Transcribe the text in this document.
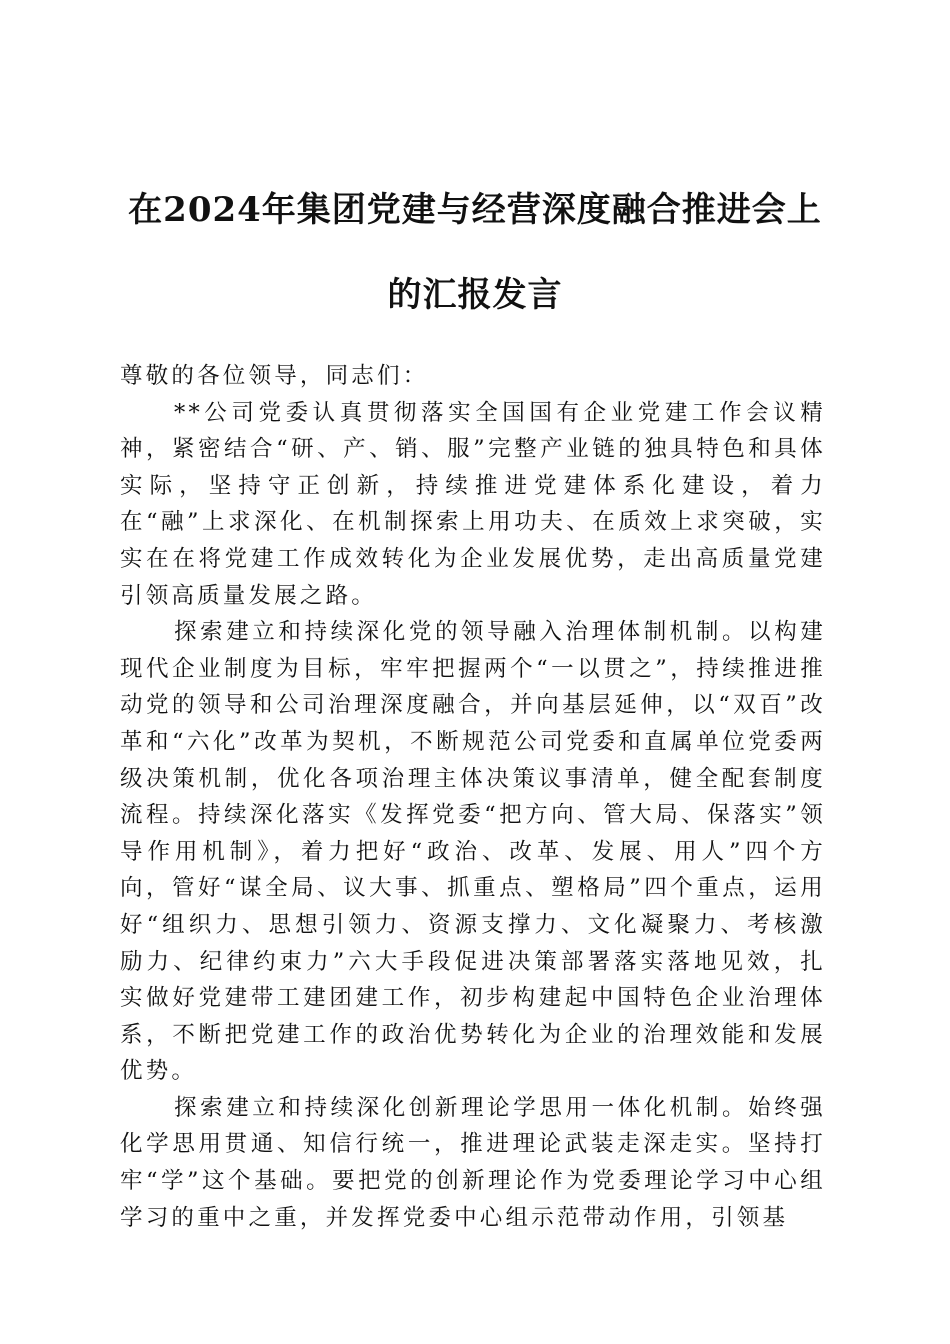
在2024年集团党建与经营深度融合推进会上
的汇报发言

尊敬的各位领导，同志们：

**公司党委认真贯彻落实全国国有企业党建工作会议精神，紧密结合“研、产、销、服”完整产业链的独具特色和具体实际，坚持守正创新，持续推进党建体系化建设，着力在“融”上求深化、在机制探索上用功夫、在质效上求突破，实实在在将党建工作成效转化为企业发展优势，走出高质量党建引领高质量发展之路。

探索建立和持续深化党的领导融入治理体制机制。以构建现代企业制度为目标，牢牢把握两个“一以贯之”，持续推进推动党的领导和公司治理深度融合，并向基层延伸，以“双百”改革和“六化”改革为契机，不断规范公司党委和直属单位党委两级决策机制，优化各项治理主体决策议事清单，健全配套制度流程。持续深化落实《发挥党委“把方向、管大局、保落实”领导作用机制》，着力把好“政治、改革、发展、用人”四个方向，管好“谋全局、议大事、抓重点、塑格局”四个重点，运用好“组织力、思想引领力、资源支撑力、文化凝聚力、考核激励力、纪律约束力”六大手段促进决策部署落实落地见效，扎实做好党建带工建团建工作，初步构建起中国特色企业治理体系，不断把党建工作的政治优势转化为企业的治理效能和发展优势。

探索建立和持续深化创新理论学思用一体化机制。始终强化学思用贯通、知信行统一，推进理论武装走深走实。坚持打牢“学”这个基础。要把党的创新理论作为党委理论学习中心组学习的重中之重，并发挥党委中心组示范带动作用，引领基
